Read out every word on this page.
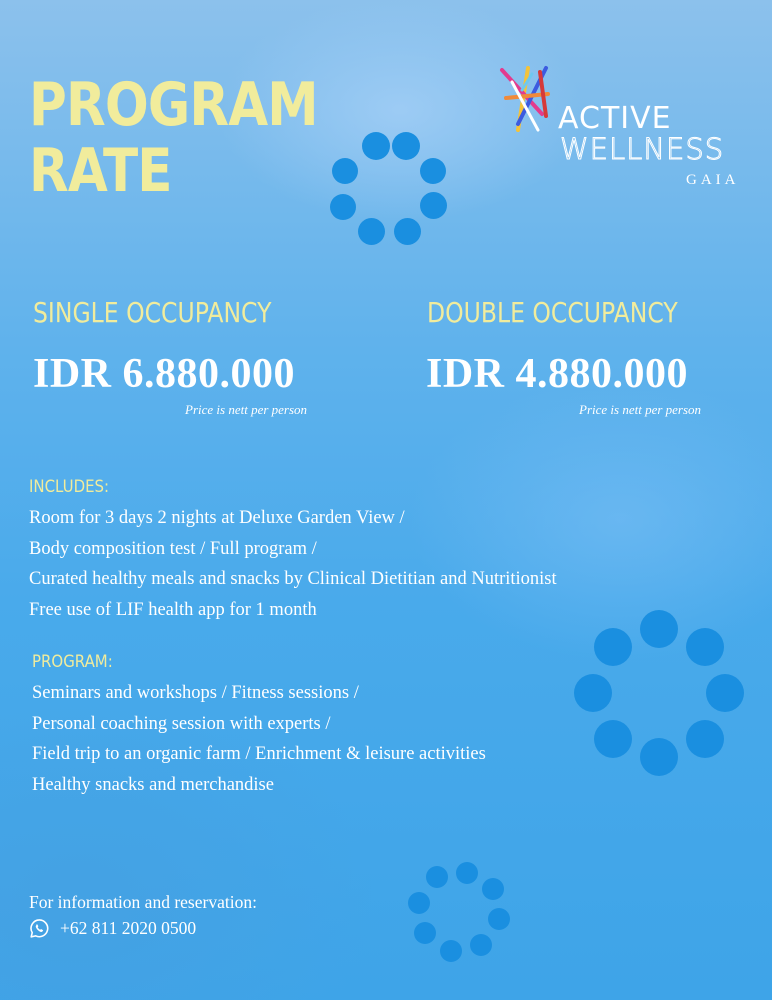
PROGRAM
RATE
ACTIVE
WELLNESS
GAIA
SINGLE OCCUPANCY
IDR 6.880.000
Price is nett per person
DOUBLE OCCUPANCY
IDR 4.880.000
Price is nett per person
INCLUDES:
Room for 3 days 2 nights at Deluxe Garden View /
Body composition test / Full program /
Curated healthy meals and snacks by Clinical Dietitian and Nutritionist
Free use of LIF health app for 1 month
PROGRAM:
Seminars and workshops / Fitness sessions /
Personal coaching session with experts /
Field trip to an organic farm / Enrichment & leisure activities
Healthy snacks and merchandise
For information and reservation:
+62 811 2020 0500
